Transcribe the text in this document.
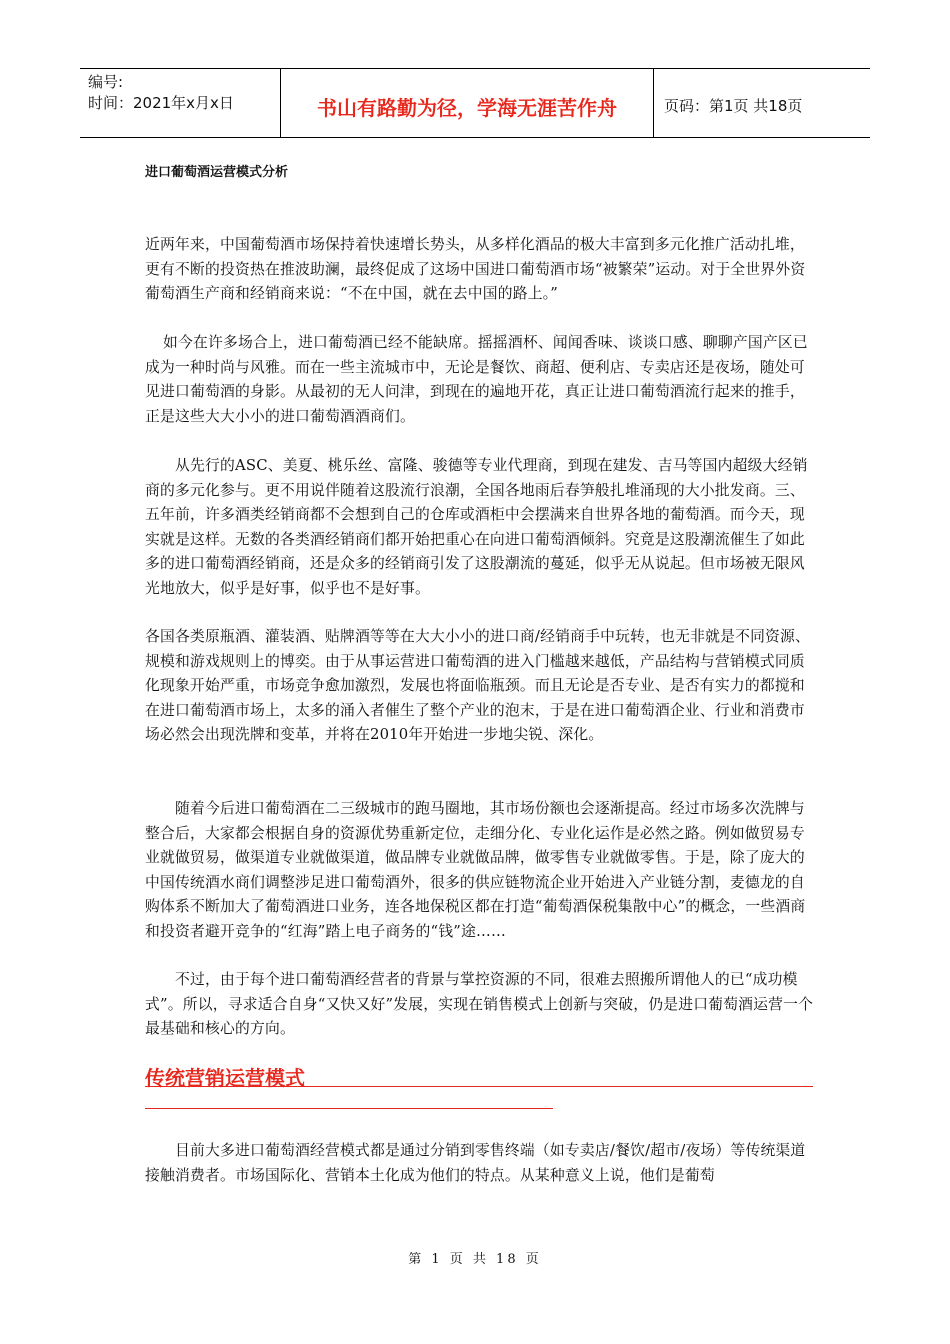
编号:
时间：2021年x月x日	书山有路勤为径，学海无涯苦作舟	页码：第1页 共18页
进口葡萄酒运营模式分析

近两年来，中国葡萄酒市场保持着快速增长势头，从多样化酒品的极大丰富到多元化推广活动扎堆，更有不断的投资热在推波助澜，最终促成了这场中国进口葡萄酒市场“被繁荣”运动。对于全世界外资葡萄酒生产商和经销商来说：“不在中国，就在去中国的路上。”

如今在许多场合上，进口葡萄酒已经不能缺席。摇摇酒杯、闻闻香味、谈谈口感、聊聊产国产区已成为一种时尚与风雅。而在一些主流城市中，无论是餐饮、商超、便利店、专卖店还是夜场，随处可见进口葡萄酒的身影。从最初的无人问津，到现在的遍地开花，真正让进口葡萄酒流行起来的推手，正是这些大大小小的进口葡萄酒酒商们。

从先行的ASC、美夏、桃乐丝、富隆、骏德等专业代理商，到现在建发、吉马等国内超级大经销商的多元化参与。更不用说伴随着这股流行浪潮，全国各地雨后春笋般扎堆涌现的大小批发商。三、五年前，许多酒类经销商都不会想到自己的仓库或酒柜中会摆满来自世界各地的葡萄酒。而今天，现实就是这样。无数的各类酒经销商们都开始把重心在向进口葡萄酒倾斜。究竟是这股潮流催生了如此多的进口葡萄酒经销商，还是众多的经销商引发了这股潮流的蔓延，似乎无从说起。但市场被无限风光地放大，似乎是好事，似乎也不是好事。

各国各类原瓶酒、灌装酒、贴牌酒等等在大大小小的进口商/经销商手中玩转，也无非就是不同资源、规模和游戏规则上的博奕。由于从事运营进口葡萄酒的进入门槛越来越低，产品结构与营销模式同质化现象开始严重，市场竞争愈加激烈，发展也将面临瓶颈。而且无论是否专业、是否有实力的都搅和在进口葡萄酒市场上，太多的涌入者催生了整个产业的泡末，于是在进口葡萄酒企业、行业和消费市场必然会出现洗牌和变革，并将在2010年开始进一步地尖锐、深化。

随着今后进口葡萄酒在二三级城市的跑马圈地，其市场份额也会逐渐提高。经过市场多次洗牌与整合后，大家都会根据自身的资源优势重新定位，走细分化、专业化运作是必然之路。例如做贸易专业就做贸易，做渠道专业就做渠道，做品牌专业就做品牌，做零售专业就做零售。于是，除了庞大的中国传统酒水商们调整涉足进口葡萄酒外，很多的供应链物流企业开始进入产业链分割，麦德龙的自购体系不断加大了葡萄酒进口业务，连各地保税区都在打造“葡萄酒保税集散中心”的概念，一些酒商和投资者避开竞争的“红海”踏上电子商务的“钱”途……

不过，由于每个进口葡萄酒经营者的背景与掌控资源的不同，很难去照搬所谓他人的已“成功模式”。所以，寻求适合自身“又快又好”发展，实现在销售模式上创新与突破，仍是进口葡萄酒运营一个最基础和核心的方向。

传统营销运营模式

目前大多进口葡萄酒经营模式都是通过分销到零售终端（如专卖店/餐饮/超市/夜场）等传统渠道接触消费者。市场国际化、营销本土化成为他们的特点。从某种意义上说，他们是葡萄

第 1 页 共 18 页
